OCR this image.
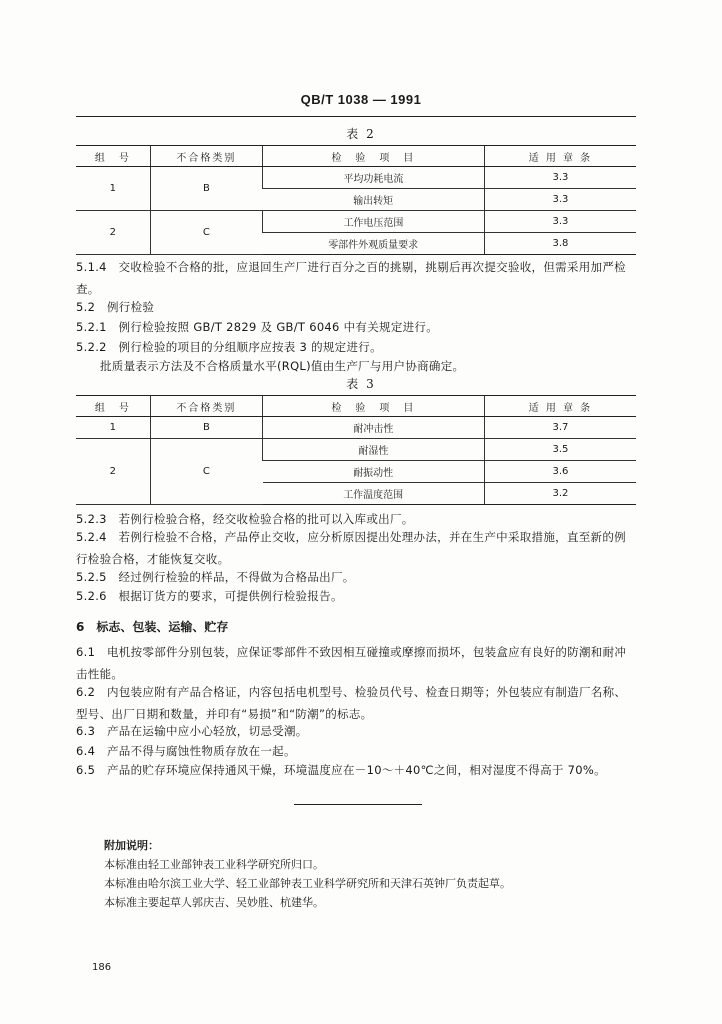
QB/T 1038 — 1991
表 2
组　号	不合格类别	检　验　项　目	适 用 章 条
1	B	平均功耗电流	3.3
		输出转矩	3.3
2	C	工作电压范围	3.3
		零部件外观质量要求	3.8
5.1.4　交收检验不合格的批，应退回生产厂进行百分之百的挑剔，挑剔后再次提交验收，但需采用加严检查。
5.2　例行检验
5.2.1　例行检验按照 GB/T 2829 及 GB/T 6046 中有关规定进行。
5.2.2　例行检验的项目的分组顺序应按表 3 的规定进行。
批质量表示方法及不合格质量水平(RQL)值由生产厂与用户协商确定。
表 3
组　号	不合格类别	检　验　项　目	适 用 章 条
1	B	耐冲击性	3.7
2	C	耐湿性	3.5
		耐振动性	3.6
		工作温度范围	3.2
5.2.3　若例行检验合格，经交收检验合格的批可以入库或出厂。
5.2.4　若例行检验不合格，产品停止交收，应分析原因提出处理办法，并在生产中采取措施，直至新的例行检验合格，才能恢复交收。
5.2.5　经过例行检验的样品，不得做为合格品出厂。
5.2.6　根据订货方的要求，可提供例行检验报告。
6　标志、包装、运输、贮存
6.1　电机按零部件分别包装，应保证零部件不致因相互碰撞或摩擦而损坏，包装盒应有良好的防潮和耐冲击性能。
6.2　内包装应附有产品合格证，内容包括电机型号、检验员代号、检查日期等；外包装应有制造厂名称、型号、出厂日期和数量，并印有“易损”和“防潮”的标志。
6.3　产品在运输中应小心轻放，切忌受潮。
6.4　产品不得与腐蚀性物质存放在一起。
6.5　产品的贮存环境应保持通风干燥，环境温度应在－10～＋40℃之间，相对湿度不得高于 70%。
附加说明：
本标准由轻工业部钟表工业科学研究所归口。
本标准由哈尔滨工业大学、轻工业部钟表工业科学研究所和天津石英钟厂负责起草。
本标准主要起草人郭庆吉、吴妙胜、杭建华。
186
